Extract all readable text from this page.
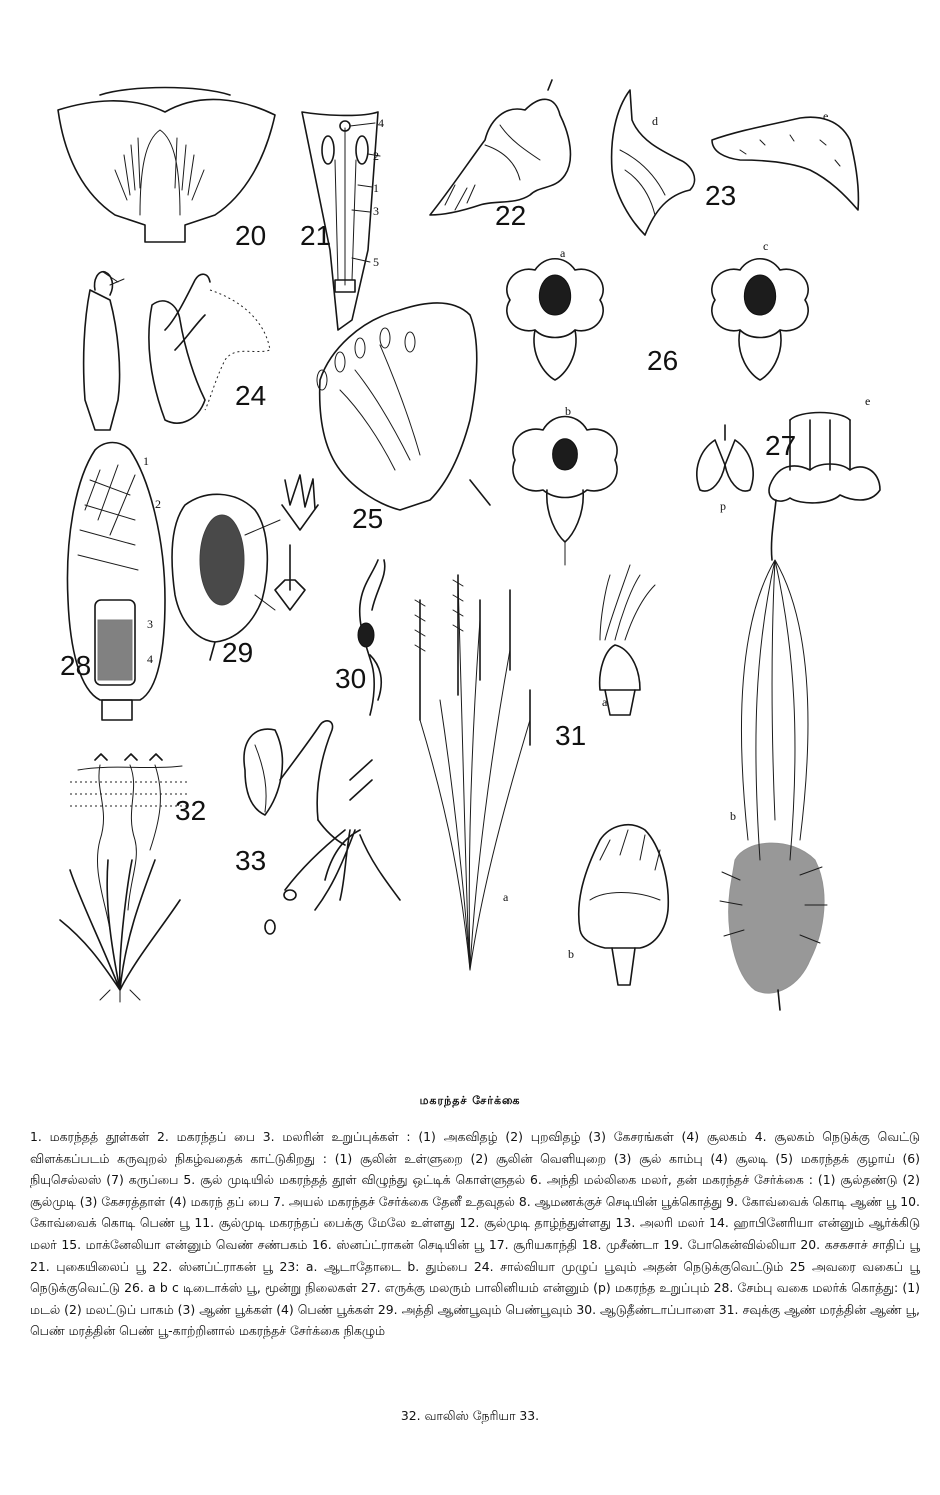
20
4
2
1
3
5
21
22
d	e
23
24
25
a	c
b
26
e
p
27
1
2
3
4
28	29
30
a
a
b
b
31
32
33
மகரந்தச் சேர்க்கை
1. மகரந்தத் தூள்கள் 2. மகரந்தப் பை 3. மலரின் உறுப்புக்கள் : (1) அகவிதழ் (2) புறவிதழ் (3) கேசரங்கள் (4) சூலகம் 4. சூலகம் நெடுக்கு வெட்டு விளக்கப்படம் கருவுறல் நிகழ்வதைக் காட்டுகிறது : (1) சூலின் உள்ளுறை (2) சூலின் வெளியுறை (3) சூல் காம்பு (4) சூலடி (5) மகரந்தக் குழாய் (6) நியுசெல்லஸ் (7) கருப்பை 5. சூல் முடியில் மகரந்தத் தூள் விழுந்து ஒட்டிக் கொள்ளுதல் 6. அந்தி மல்லிகை மலர், தன் மகரந்தச் சேர்க்கை : (1) சூல்தண்டு (2) சூல்முடி (3) கேசரத்தாள் (4) மகரந் தப் பை 7. அயல் மகரந்தச் சேர்க்கை தேனீ உதவுதல் 8. ஆமணக்குச் செடியின் பூக்கொத்து 9. கோவ்வைக் கொடி ஆண் பூ 10. கோவ்வைக் கொடி பெண் பூ 11. சூல்முடி மகரந்தப் பைக்கு மேலே உள்ளது 12. சூல்முடி தாழ்ந்துள்ளது 13. அலரி மலர் 14. ஹாபினேரியா என்னும் ஆர்க்கிடு மலர் 15. மாக்னேலியா என்னும் வெண் சண்பகம் 16. ஸ்னப்ட்ராகன் செடியின் பூ 17. சூரியகாந்தி 18. முசீண்டா 19. போகென்வில்லியா 20. கசகசாச் சாதிப் பூ 21. புகையிலைப் பூ 22. ஸ்னப்ட்ராகன் பூ 23: a. ஆடாதோடை b. தும்பை 24. சால்வியா முழுப் பூவும் அதன் நெடுக்குவெட்டும் 25 அவரை வகைப் பூ நெடுக்குவெட்டு 26. a b c டிடைாக்ஸ் பூ, மூன்று நிலைகள் 27. எருக்கு மலரும் பாலினியம் என்னும் (p) மகரந்த உறுப்பும் 28. சேம்பு வகை மலர்க் கொத்து: (1) மடல் (2) மலட்டுப் பாகம் (3) ஆண் பூக்கள் (4) பெண் பூக்கள் 29. அத்தி ஆண்பூவும் பெண்பூவும் 30. ஆடுதீண்டாப்பாளை 31. சவுக்கு ஆண் மரத்தின் ஆண் பூ, பெண் மரத்தின் பெண் பூ-காற்றினால் மகரந்தச் சேர்க்கை நிகழும்
32. வாலிஸ் நேரியா 33.
